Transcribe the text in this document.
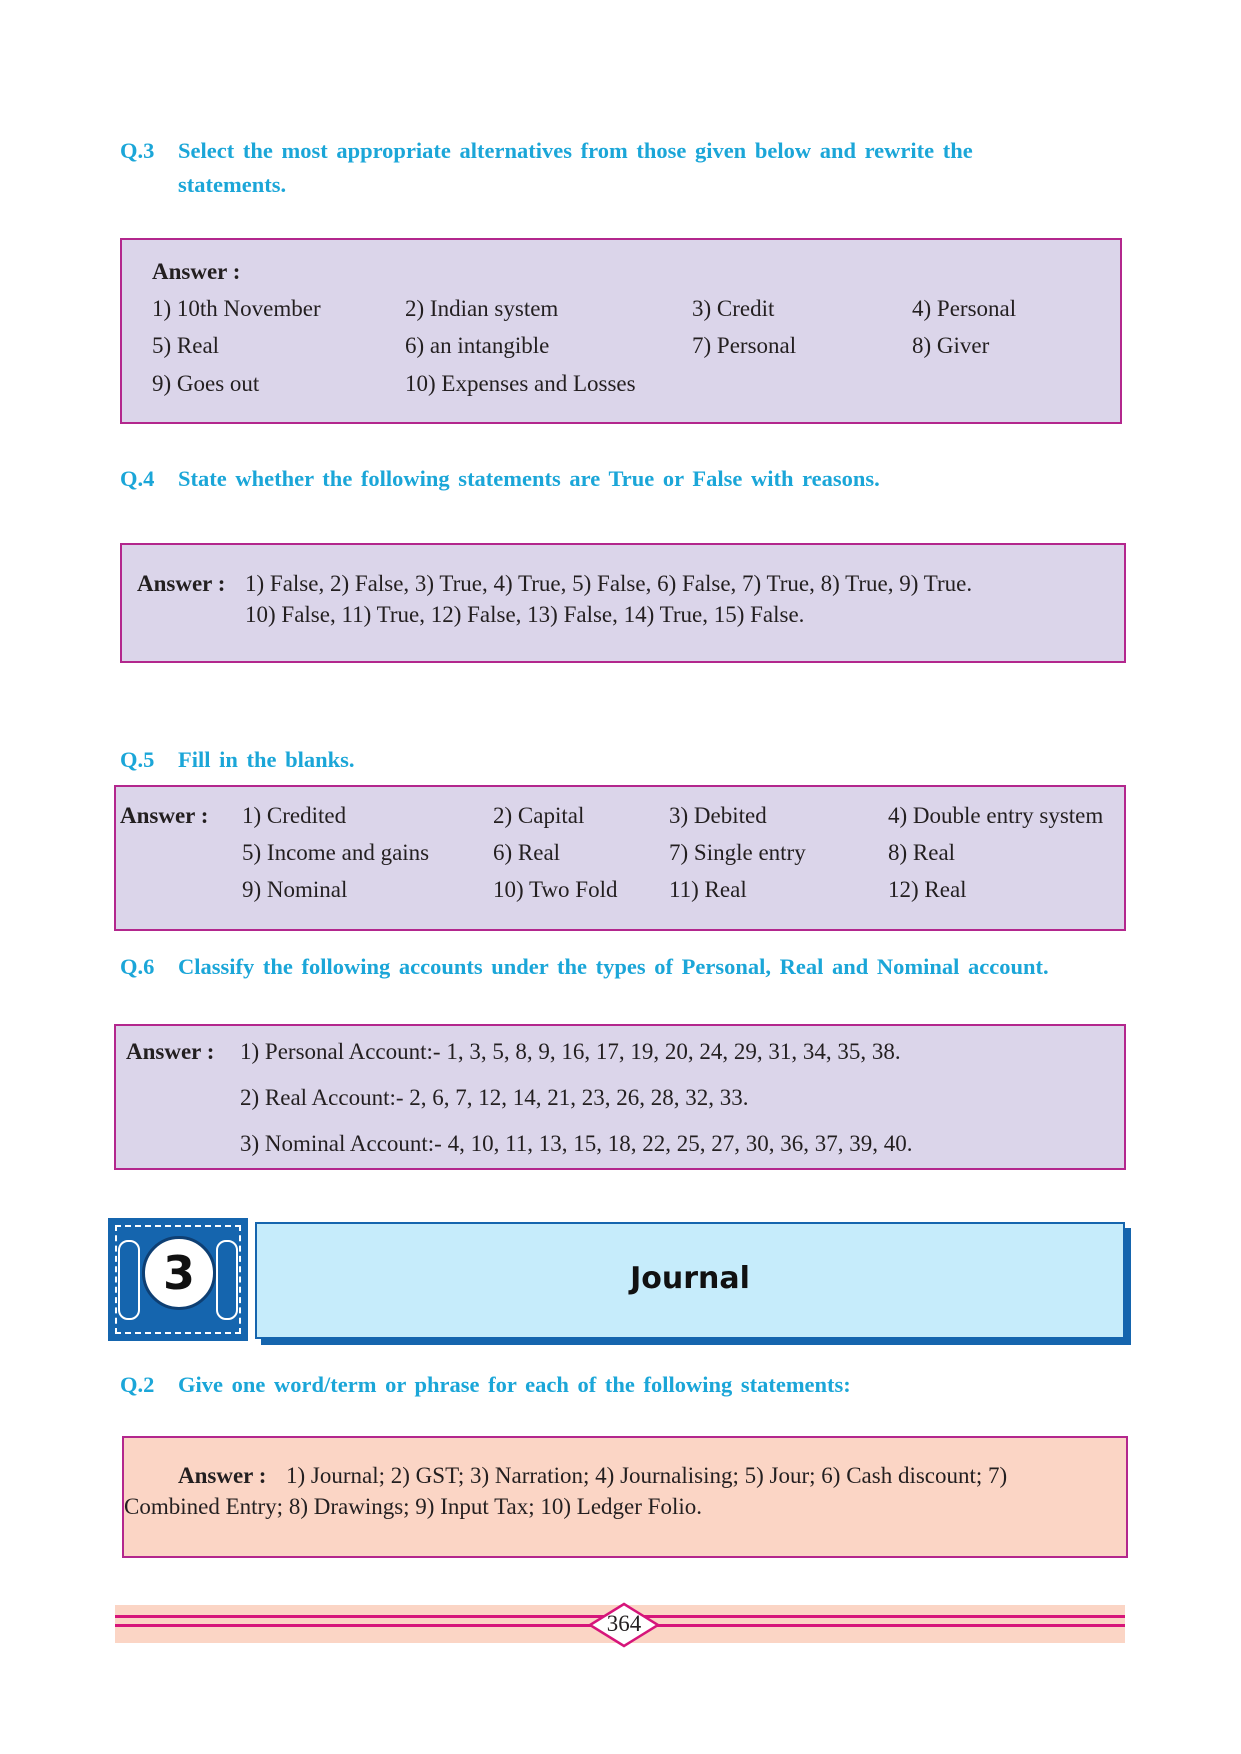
Q.3 Select the most appropriate alternatives from those given below and rewrite the
statements.
Answer :
1) 10th November	2) Indian system	3) Credit	4) Personal
5) Real	6) an intangible	7) Personal	8) Giver
9) Goes out	10) Expenses and Losses
Q.4 State whether the following statements are True or False with reasons.
Answer : 1) False, 2) False, 3) True, 4) True, 5) False, 6) False, 7) True, 8) True, 9) True.
10) False, 11) True, 12) False, 13) False, 14) True, 15) False.
Q.5 Fill in the blanks.
Answer : 1) Credited	2) Capital	3) Debited	4) Double entry system
5) Income and gains	6) Real	7) Single entry	8) Real
9) Nominal	10) Two Fold 11) Real	12) Real
Q.6 Classify the following accounts under the types of Personal, Real and Nominal account.
Answer : 1) Personal Account:- 1, 3, 5, 8, 9, 16, 17, 19, 20, 24, 29, 31, 34, 35, 38.
2) Real Account:- 2, 6, 7, 12, 14, 21, 23, 26, 28, 32, 33.
3) Nominal Account:- 4, 10, 11, 13, 15, 18, 22, 25, 27, 30, 36, 37, 39, 40.
3	Journal
Q.2 Give one word/term or phrase for each of the following statements:
Answer : 1) Journal; 2) GST; 3) Narration; 4) Journalising; 5) Jour; 6) Cash discount; 7)
Combined Entry; 8) Drawings; 9) Input Tax; 10) Ledger Folio.
364
